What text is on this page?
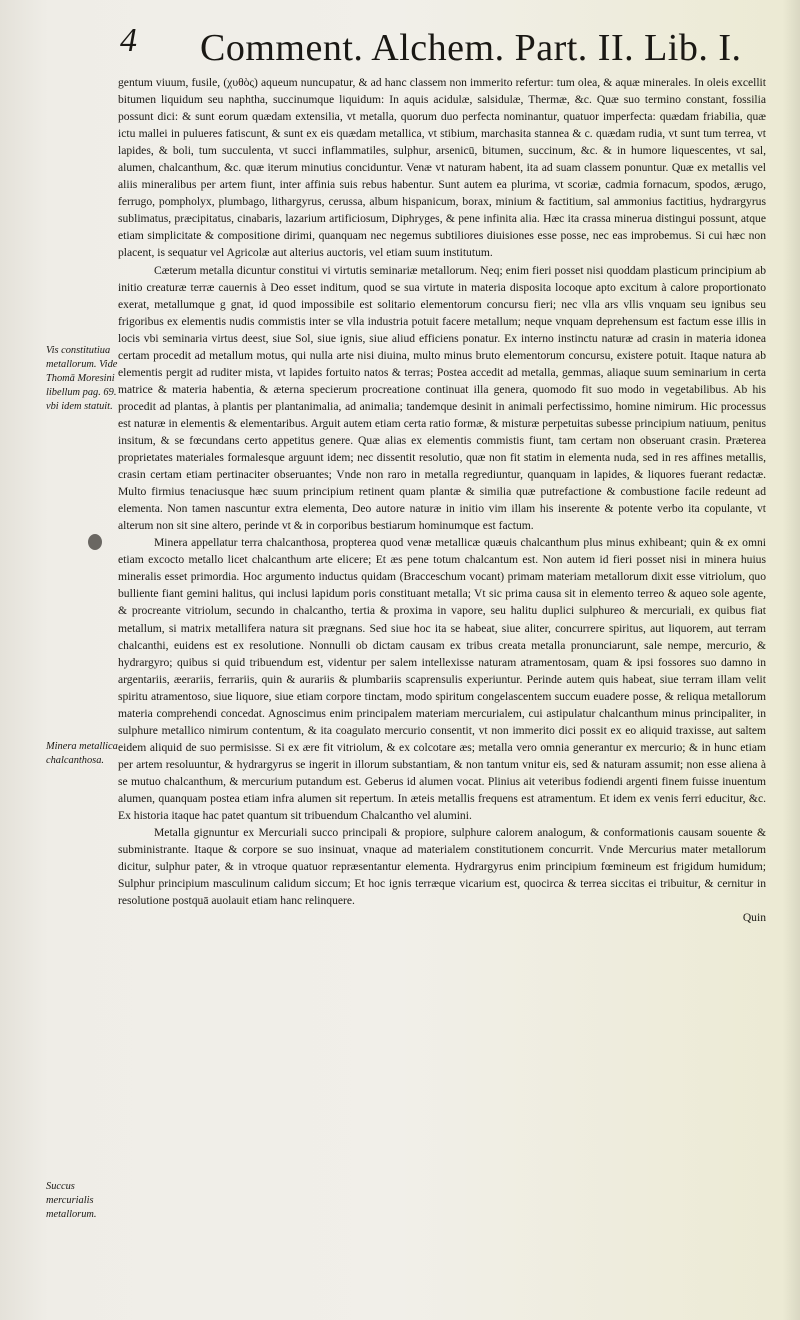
4 Comment. Alchem. Part. II. Lib. I.
Vis constitutiua metallorum. Vide Thomā Moresini libellum pag. 69. vbi idem statuit.
Minera metallica chalcanthosa.
Succus mercurialis metallorum.

gentum viuum, fusile, (χυθὸς) aqueum nuncupatur, & ad hanc classem non immerito refertur: tum olea, & aquæ minerales. In oleis excellit bitumen liquidum seu naphtha, succinumque liquidum: In aquis acidulæ, salsidulæ, Thermæ, &c. Quæ suo termino constant, fossilia possunt dici: & sunt eorum quædam extensilia, vt metalla, quorum duo perfecta nominantur, quatuor imperfecta: quædam friabilia, quæ ictu mallei in pulueres fatiscunt, & sunt ex eis quædam metallica, vt stibium, marchasita stannea & c. quædam rudia, vt sunt tum terrea, vt lapides, & boli, tum succulenta, vt succi inflammatiles, sulphur, arsenicū, bitumen, succinum, &c. & in humore liquescentes, vt sal, alumen, chalcanthum, &c. quæ iterum minutius conciduntur. Venæ vt naturam habent, ita ad suam classem ponuntur. Quæ ex metallis vel aliis mineralibus per artem fiunt, inter affinia suis rebus habentur. Sunt autem ea plurima, vt scoriæ, cadmia fornacum, spodos, ærugo, ferrugo, pompholyx, plumbago, lithargyrus, cerussa, album hispanicum, borax, minium & factitium, sal ammonius factitius, hydrargyrus sublimatus, præcipitatus, cinabaris, lazarium artificiosum, Diphryges, & pene infinita alia. Hæc ita crassa minerua distingui possunt, atque etiam simplicitate & compositione dirimi, quanquam nec negemus subtiliores diuisiones esse posse, nec eas improbemus. Si cui hæc non placent, is sequatur vel Agricolæ aut alterius auctoris, vel etiam suum institutum.

Cæterum metalla dicuntur constitui vi virtutis seminariæ metallorum. Neq; enim fieri posset nisi quoddam plasticum principium ab initio creaturæ terræ cauernis à Deo esset inditum, quod se sua virtute in materia disposita locoque apto excitum à calore proportionato exerat, metallumque g gnat, id quod impossibile est solitario elementorum concursu fieri; nec vlla ars vllis vnquam seu ignibus seu frigoribus ex elementis nudis commistis inter se vlla industria potuit facere metallum; neque vnquam deprehensum est factum esse illis in locis vbi seminaria virtus deest, siue Sol, siue ignis, siue aliud efficiens ponatur. Ex interno instinctu naturæ ad crasin in materia idonea certam procedit ad metallum motus, qui nulla arte nisi diuina, multo minus bruto elementorum concursu, existere potuit. Itaque natura ab elementis pergit ad ruditer mista, vt lapides fortuito natos & terras; Postea accedit ad metalla, gemmas, aliaque suum seminarium in certa matrice & materia habentia, & æterna specierum procreatione continuat illa genera, quomodo fit suo modo in vegetabilibus. Ab his procedit ad plantas, à plantis per plantanimalia, ad animalia; tandemque desinit in animali perfectissimo, homine nimirum. Hic processus est naturæ in elementis & elementaribus. Arguit autem etiam certa ratio formæ, & misturæ perpetuitas subesse principium natiuum, penitus insitum, & se fœcundans certo appetitus genere. Quæ alias ex elementis commistis fiunt, tam certam non obseruant crasin. Præterea proprietates materiales formalesque arguunt idem; nec dissentit resolutio, quæ non fit statim in elementa nuda, sed in res affines metallis, crasin certam etiam pertinaciter obseruantes; Vnde non raro in metalla regrediuntur, quanquam in lapides, & liquores fuerant redactæ. Multo firmius tenaciusque hæc suum principium retinent quam plantæ & similia quæ putrefactione & combustione facile redeunt ad elementa. Non tamen nascuntur extra elementa, Deo autore naturæ in initio vim illam his inserente & potente verbo ita copulante, vt alterum non sit sine altero, perinde vt & in corporibus bestiarum hominumque est factum.

Minera appellatur terra chalcanthosa, propterea quod venæ metallicæ quæuis chalcanthum plus minus exhibeant; quin & ex omni etiam excocto metallo licet chalcanthum arte elicere; Et æs pene totum chalcantum est. Non autem id fieri posset nisi in minera huius mineralis esset primordia. Hoc argumento inductus quidam (Bracceschum vocant) primam materiam metallorum dixit esse vitriolum, quo bulliente fiant gemini halitus, qui inclusi lapidum poris constituant metalla; Vt sic prima causa sit in elemento terreo & aqueo sole agente, & procreante vitriolum, secundo in chalcantho, tertia & proxima in vapore, seu halitu duplici sulphureo & mercuriali, ex quibus fiat metallum, si matrix metallifera natura sit prægnans. Sed siue hoc ita se habeat, siue aliter, concurrere spiritus, aut liquorem, aut terram chalcanthi, euidens est ex resolutione. Nonnulli ob dictam causam ex tribus creata metalla pronunciarunt, sale nempe, mercurio, & hydrargyro; quibus si quid tribuendum est, videntur per salem intellexisse naturam atramentosam, quam & ipsi fossores suo damno in argentariis, æerariis, ferrariis, quin & aurariis & plumbariis scaprensulis experiuntur. Perinde autem quis habeat, siue terram illam velit spiritu atramentoso, siue liquore, siue etiam corpore tinctam, modo spiritum congelascentem succum euadere posse, & reliqua metallorum materia comprehendi concedat. Agnoscimus enim principalem materiam mercurialem, cui astipulatur chalcanthum minus principaliter, in sulphure metallico nimirum contentum, & ita coagulato mercurio consentit, vt non immerito dici possit ex eo aliquid traxisse, aut saltem eidem aliquid de suo permisisse. Si ex ære fit vitriolum, & ex colcotare æs; metalla vero omnia generantur ex mercurio; & in hunc etiam per artem resoluuntur, & hydrargyrus se ingerit in illorum substantiam, & non tantum vnitur eis, sed & naturam assumit; non esse aliena à se mutuo chalcanthum, & mercurium putandum est. Geberus id alumen vocat. Plinius ait veteribus fodiendi argenti finem fuisse inuentum alumen, quanquam postea etiam infra alumen sit repertum. In æteis metallis frequens est atramentum. Et idem ex venis ferri educitur, &c. Ex historia itaque hac patet quantum sit tribuendum Chalcantho vel alumini.

Metalla gignuntur ex Mercuriali succo principali & propiore, sulphure calorem analogum, & conformationis causam souente & subministrante. Itaque & corpore se suo insinuat, vnaque ad materialem constitutionem concurrit. Vnde Mercurius mater metallorum dicitur, sulphur pater, & in vtroque quatuor repræsentantur elementa. Hydrargyrus enim principium fœmineum est frigidum humidum; Sulphur principium masculinum calidum siccum; Et hoc ignis terræque vicarium est, quocirca & terrea siccitas ei tribuitur, & cernitur in resolutione postquā auolauit etiam hanc relinquere.

Quin
